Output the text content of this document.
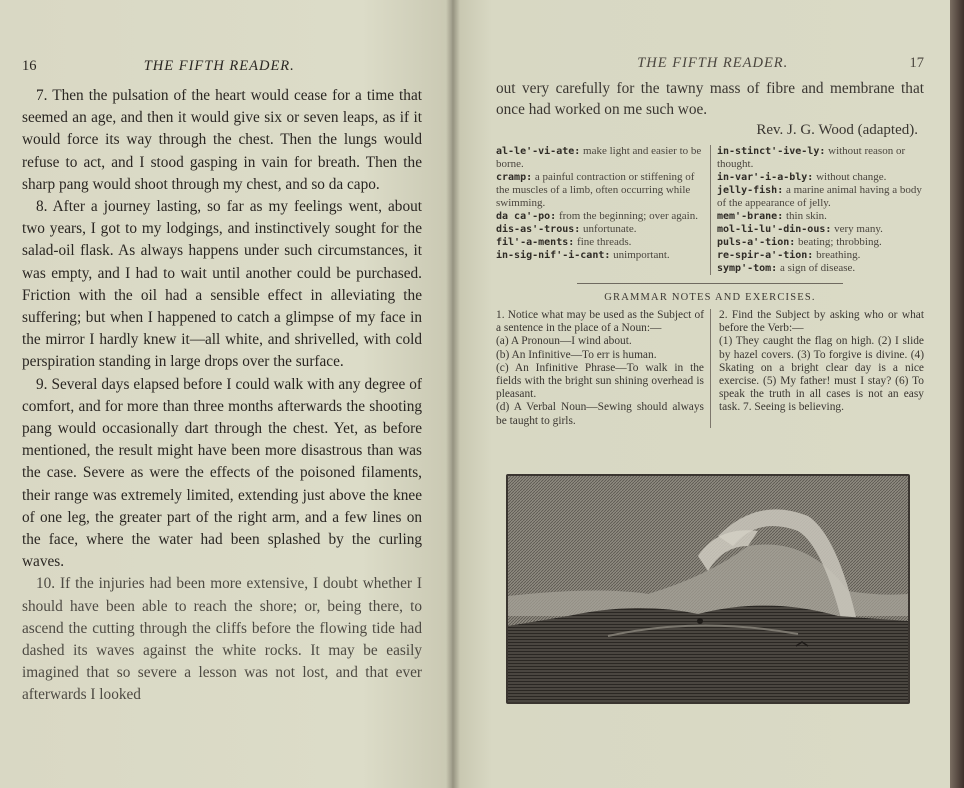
16	THE FIFTH READER.

7. Then the pulsation of the heart would cease for a time that seemed an age, and then it would give six or seven leaps, as if it would force its way through the chest. Then the lungs would refuse to act, and I stood gasping in vain for breath. Then the sharp pang would shoot through my chest, and so da capo.

8. After a journey lasting, so far as my feelings went, about two years, I got to my lodgings, and instinctively sought for the salad-oil flask. As always happens under such circumstances, it was empty, and I had to wait until another could be purchased. Friction with the oil had a sensible effect in alleviating the suffering; but when I happened to catch a glimpse of my face in the mirror I hardly knew it—all white, and shrivelled, with cold perspiration standing in large drops over the surface.

9. Several days elapsed before I could walk with any degree of comfort, and for more than three months afterwards the shooting pang would occasionally dart through the chest. Yet, as before mentioned, the result might have been more disastrous than was the case. Severe as were the effects of the poisoned filaments, their range was extremely limited, extending just above the knee of one leg, the greater part of the right arm, and a few lines on the face, where the water had been splashed by the curling waves.

10. If the injuries had been more extensive, I doubt whether I should have been able to reach the shore; or, being there, to ascend the cutting through the cliffs before the flowing tide had dashed its waves against the white rocks. It may be easily imagined that so severe a lesson was not lost, and that ever afterwards I looked

THE FIFTH READER.	17

out very carefully for the tawny mass of fibre and membrane that once had worked on me such woe.

Rev. J. G. Wood (adapted).
al-le'-vi-ate: make light and easier to be borne.
cramp: a painful contraction or stiffening of the muscles of a limb, often occurring while swimming.
da ca'-po: from the beginning; over again.
dis-as'-trous: unfortunate.
fil'-a-ments: fine threads.
in-sig-nif'-i-cant: unimportant.
in-stinct'-ive-ly: without reason or thought.
in-var'-i-a-bly: without change.
jelly-fish: a marine animal having a body of the appearance of jelly.
mem'-brane: thin skin.
mol-li-lu'-din-ous: very many.
puls-a'-tion: beating; throbbing.
re-spir-a'-tion: breathing.
symp'-tom: a sign of disease.
GRAMMAR NOTES AND EXERCISES.
1. Notice what may be used as the Subject of a sentence in the place of a Noun:—
(a) A Pronoun—I wind about.
(b) An Infinitive—To err is human.
(c) An Infinitive Phrase—To walk in the fields with the bright sun shining overhead is pleasant.
(d) A Verbal Noun—Sewing should always be taught to girls.
2. Find the Subject by asking who or what before the Verb:—
(1) They caught the flag on high. (2) I slide by hazel covers. (3) To forgive is divine. (4) Skating on a bright clear day is a nice exercise. (5) My father! must I stay? (6) To speak the truth in all cases is not an easy task. 7. Seeing is believing.
